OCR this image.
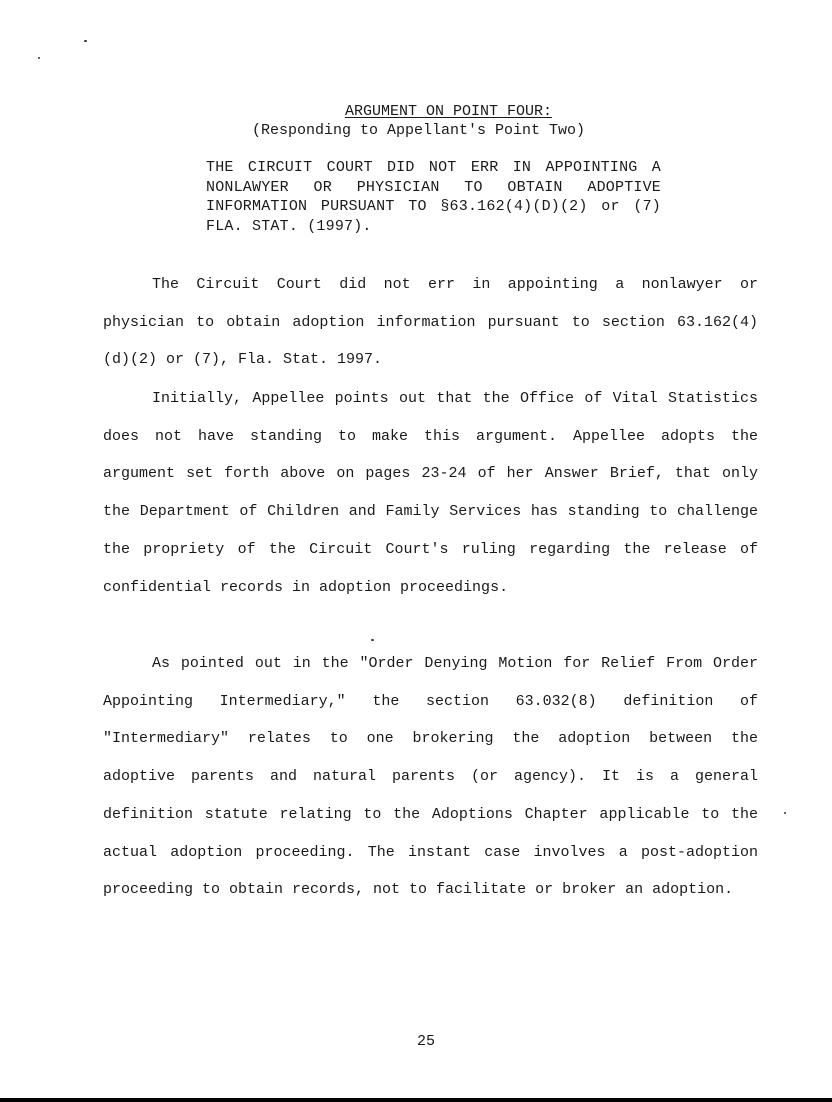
ARGUMENT ON POINT FOUR:
(Responding to Appellant's Point Two)
THE CIRCUIT COURT DID NOT ERR IN APPOINTING A NONLAWYER OR PHYSICIAN TO OBTAIN ADOPTIVE INFORMATION PURSUANT TO §63.162(4)(D)(2) or (7) FLA. STAT. (1997).

The Circuit Court did not err in appointing a nonlawyer or physician to obtain adoption information pursuant to section 63.162(4)(d)(2) or (7), Fla. Stat. 1997.

Initially, Appellee points out that the Office of Vital Statistics does not have standing to make this argument. Appellee adopts the argument set forth above on pages 23-24 of her Answer Brief, that only the Department of Children and Family Services has standing to challenge the propriety of the Circuit Court's ruling regarding the release of confidential records in adoption proceedings.

As pointed out in the "Order Denying Motion for Relief From Order Appointing Intermediary," the section 63.032(8) definition of "Intermediary" relates to one brokering the adoption between the adoptive parents and natural parents (or agency). It is a general definition statute relating to the Adoptions Chapter applicable to the actual adoption proceeding. The instant case involves a post-adoption proceeding to obtain records, not to facilitate or broker an adoption.

25
